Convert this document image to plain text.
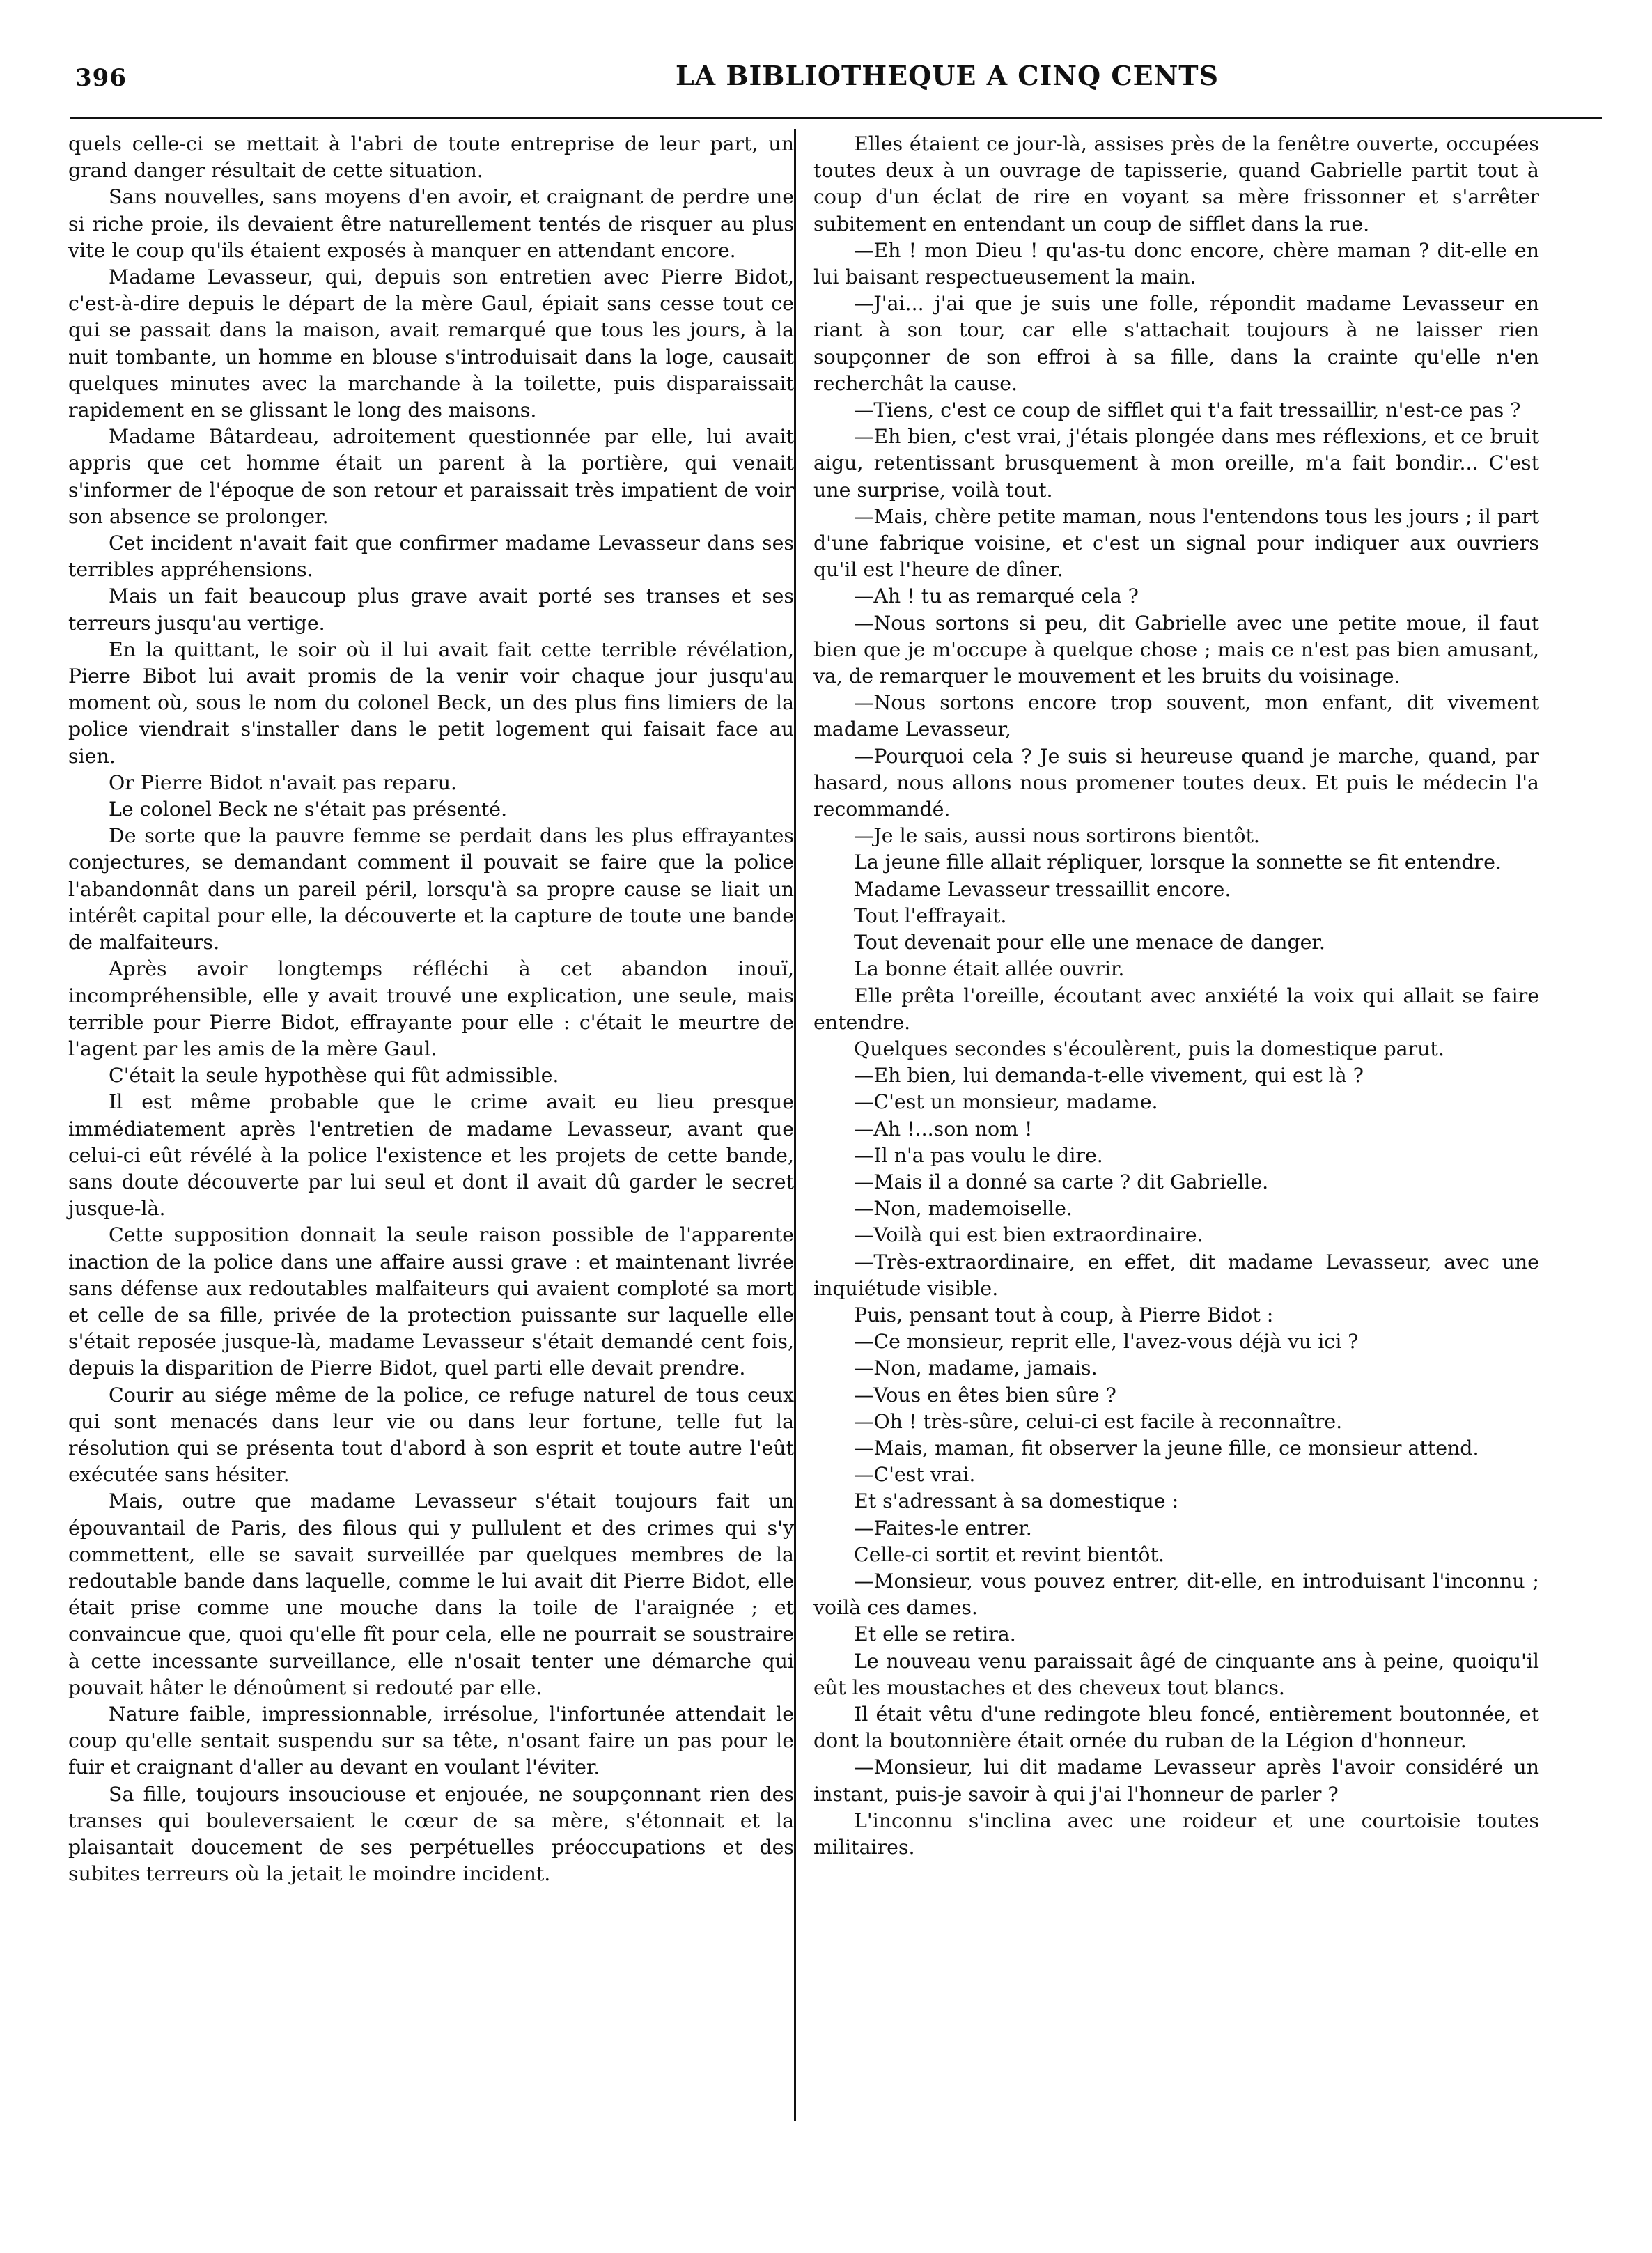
396	LA BIBLIOTHEQUE A CINQ CENTS

quels celle-ci se mettait à l'abri de toute entreprise de leur part, un grand danger résultait de cette situation.

Sans nouvelles, sans moyens d'en avoir, et craignant de perdre une si riche proie, ils devaient être naturellement tentés de risquer au plus vite le coup qu'ils étaient exposés à manquer en attendant encore.

Madame Levasseur, qui, depuis son entretien avec Pierre Bidot, c'est-à-dire depuis le départ de la mère Gaul, épiait sans cesse tout ce qui se passait dans la maison, avait remarqué que tous les jours, à la nuit tombante, un homme en blouse s'introduisait dans la loge, causait quelques minutes avec la marchande à la toilette, puis disparaissait rapidement en se glissant le long des maisons.

Madame Bâtardeau, adroitement questionnée par elle, lui avait appris que cet homme était un parent à la portière, qui venait s'informer de l'époque de son retour et paraissait très impatient de voir son absence se prolonger.

Cet incident n'avait fait que confirmer madame Levasseur dans ses terribles appréhensions.

Mais un fait beaucoup plus grave avait porté ses transes et ses terreurs jusqu'au vertige.

En la quittant, le soir où il lui avait fait cette terrible révélation, Pierre Bibot lui avait promis de la venir voir chaque jour jusqu'au moment où, sous le nom du colonel Beck, un des plus fins limiers de la police viendrait s'installer dans le petit logement qui faisait face au sien.

Or Pierre Bidot n'avait pas reparu.

Le colonel Beck ne s'était pas présenté.

De sorte que la pauvre femme se perdait dans les plus effrayantes conjectures, se demandant comment il pouvait se faire que la police l'abandonnât dans un pareil péril, lorsqu'à sa propre cause se liait un intérêt capital pour elle, la découverte et la capture de toute une bande de malfaiteurs.

Après avoir longtemps réfléchi à cet abandon inouï, incompréhensible, elle y avait trouvé une explication, une seule, mais terrible pour Pierre Bidot, effrayante pour elle : c'était le meurtre de l'agent par les amis de la mère Gaul.

C'était la seule hypothèse qui fût admissible.

Il est même probable que le crime avait eu lieu presque immédiatement après l'entretien de madame Levasseur, avant que celui-ci eût révélé à la police l'existence et les projets de cette bande, sans doute découverte par lui seul et dont il avait dû garder le secret jusque-là.

Cette supposition donnait la seule raison possible de l'apparente inaction de la police dans une affaire aussi grave : et maintenant livrée sans défense aux redoutables malfaiteurs qui avaient comploté sa mort et celle de sa fille, privée de la protection puissante sur laquelle elle s'était reposée jusque-là, madame Levasseur s'était demandé cent fois, depuis la disparition de Pierre Bidot, quel parti elle devait prendre.

Courir au siége même de la police, ce refuge naturel de tous ceux qui sont menacés dans leur vie ou dans leur fortune, telle fut la résolution qui se présenta tout d'abord à son esprit et toute autre l'eût exécutée sans hésiter.

Mais, outre que madame Levasseur s'était toujours fait un épouvantail de Paris, des filous qui y pullulent et des crimes qui s'y commettent, elle se savait surveillée par quelques membres de la redoutable bande dans laquelle, comme le lui avait dit Pierre Bidot, elle était prise comme une mouche dans la toile de l'araignée ; et convaincue que, quoi qu'elle fît pour cela, elle ne pourrait se soustraire à cette incessante surveillance, elle n'osait tenter une démarche qui pouvait hâter le dénoûment si redouté par elle.

Nature faible, impressionnable, irrésolue, l'infortunée attendait le coup qu'elle sentait suspendu sur sa tête, n'osant faire un pas pour le fuir et craignant d'aller au devant en voulant l'éviter.

Sa fille, toujours insouciouse et enjouée, ne soupçonnant rien des transes qui bouleversaient le cœur de sa mère, s'étonnait et la plaisantait doucement de ses perpétuelles préoccupations et des subites terreurs où la jetait le moindre incident.

Elles étaient ce jour-là, assises près de la fenêtre ouverte, occupées toutes deux à un ouvrage de tapisserie, quand Gabrielle partit tout à coup d'un éclat de rire en voyant sa mère frissonner et s'arrêter subitement en entendant un coup de sifflet dans la rue.

—Eh ! mon Dieu ! qu'as-tu donc encore, chère maman ? dit-elle en lui baisant respectueusement la main.

—J'ai... j'ai que je suis une folle, répondit madame Levasseur en riant à son tour, car elle s'attachait toujours à ne laisser rien soupçonner de son effroi à sa fille, dans la crainte qu'elle n'en recherchât la cause.

—Tiens, c'est ce coup de sifflet qui t'a fait tressaillir, n'est-ce pas ?

—Eh bien, c'est vrai, j'étais plongée dans mes réflexions, et ce bruit aigu, retentissant brusquement à mon oreille, m'a fait bondir... C'est une surprise, voilà tout.

—Mais, chère petite maman, nous l'entendons tous les jours ; il part d'une fabrique voisine, et c'est un signal pour indiquer aux ouvriers qu'il est l'heure de dîner.

—Ah ! tu as remarqué cela ?

—Nous sortons si peu, dit Gabrielle avec une petite moue, il faut bien que je m'occupe à quelque chose ; mais ce n'est pas bien amusant, va, de remarquer le mouvement et les bruits du voisinage.

—Nous sortons encore trop souvent, mon enfant, dit vivement madame Levasseur,

—Pourquoi cela ? Je suis si heureuse quand je marche, quand, par hasard, nous allons nous promener toutes deux. Et puis le médecin l'a recommandé.

—Je le sais, aussi nous sortirons bientôt.

La jeune fille allait répliquer, lorsque la sonnette se fit entendre.

Madame Levasseur tressaillit encore.

Tout l'effrayait.

Tout devenait pour elle une menace de danger.

La bonne était allée ouvrir.

Elle prêta l'oreille, écoutant avec anxiété la voix qui allait se faire entendre.

Quelques secondes s'écoulèrent, puis la domestique parut.

—Eh bien, lui demanda-t-elle vivement, qui est là ?

—C'est un monsieur, madame.

—Ah !...son nom !

—Il n'a pas voulu le dire.

—Mais il a donné sa carte ? dit Gabrielle.

—Non, mademoiselle.

—Voilà qui est bien extraordinaire.

—Très-extraordinaire, en effet, dit madame Levasseur, avec une inquiétude visible.

Puis, pensant tout à coup, à Pierre Bidot :

—Ce monsieur, reprit elle, l'avez-vous déjà vu ici ?

—Non, madame, jamais.

—Vous en êtes bien sûre ?

—Oh ! très-sûre, celui-ci est facile à reconnaître.

—Mais, maman, fit observer la jeune fille, ce monsieur attend.

—C'est vrai.

Et s'adressant à sa domestique :

—Faites-le entrer.

Celle-ci sortit et revint bientôt.

—Monsieur, vous pouvez entrer, dit-elle, en introduisant l'inconnu ; voilà ces dames.

Et elle se retira.

Le nouveau venu paraissait âgé de cinquante ans à peine, quoiqu'il eût les moustaches et des cheveux tout blancs.

Il était vêtu d'une redingote bleu foncé, entièrement boutonnée, et dont la boutonnière était ornée du ruban de la Légion d'honneur.

—Monsieur, lui dit madame Levasseur après l'avoir considéré un instant, puis-je savoir à qui j'ai l'honneur de parler ?

L'inconnu s'inclina avec une roideur et une courtoisie toutes militaires.
